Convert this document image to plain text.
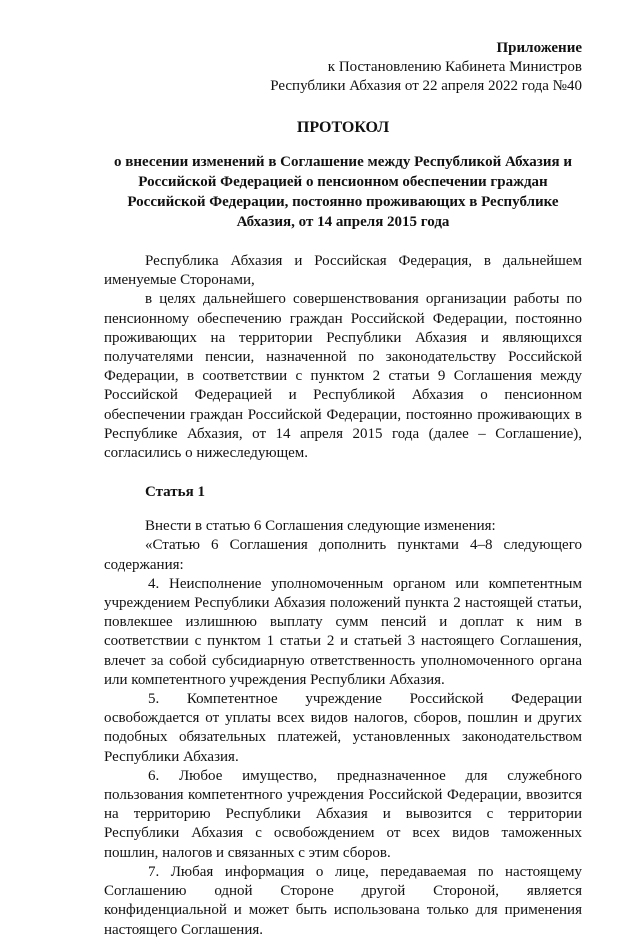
Приложение
к Постановлению Кабинета Министров
Республики Абхазия от 22 апреля 2022 года №40
ПРОТОКОЛ
о внесении изменений в Соглашение между Республикой Абхазия и Российской Федерацией о пенсионном обеспечении граждан Российской Федерации, постоянно проживающих в Республике Абхазия, от 14 апреля 2015 года

Республика Абхазия и Российская Федерация, в дальнейшем именуемые Сторонами,

в целях дальнейшего совершенствования организации работы по пенсионному обеспечению граждан Российской Федерации, постоянно проживающих на территории Республики Абхазия и являющихся получателями пенсии, назначенной по законодательству Российской Федерации, в соответствии с пунктом 2 статьи 9 Соглашения между Российской Федерацией и Республикой Абхазия о пенсионном обеспечении граждан Российской Федерации, постоянно проживающих в Республике Абхазия, от 14 апреля 2015 года (далее – Соглашение), согласились о нижеследующем.

Статья 1

Внести в статью 6 Соглашения следующие изменения:

«Статью 6 Соглашения дополнить пунктами 4–8 следующего содержания:

4. Неисполнение уполномоченным органом или компетентным учреждением Республики Абхазия положений пункта 2 настоящей статьи, повлекшее излишнюю выплату сумм пенсий и доплат к ним в соответствии с пунктом 1 статьи 2 и статьей 3 настоящего Соглашения, влечет за собой субсидиарную ответственность уполномоченного органа или компетентного учреждения Республики Абхазия.

5. Компетентное учреждение Российской Федерации освобождается от уплаты всех видов налогов, сборов, пошлин и других подобных обязательных платежей, установленных законодательством Республики Абхазия.

6. Любое имущество, предназначенное для служебного пользования компетентного учреждения Российской Федерации, ввозится на территорию Республики Абхазия и вывозится с территории Республики Абхазия с освобождением от всех видов таможенных пошлин, налогов и связанных с этим сборов.

7. Любая информация о лице, передаваемая по настоящему Соглашению одной Стороне другой Стороной, является конфиденциальной и может быть использована только для применения настоящего Соглашения.
